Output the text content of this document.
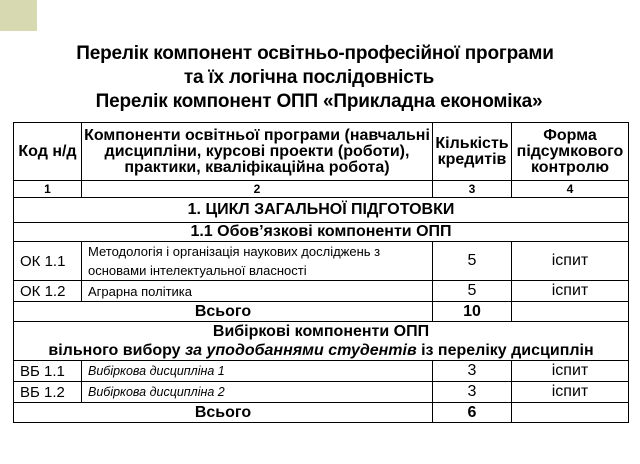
Перелік компонент освітньо-професійної програми
та їх логічна послідовність
Перелік компонент ОПП «Прикладна економіка»
Код н/д	Компоненти освітньої програми (навчальні дисципліни, курсові проекти (роботи), практики, кваліфікаційна робота)	Кількість кредитів	Форма підсумкового контролю
1	2	3	4
1. ЦИКЛ ЗАГАЛЬНОЇ ПІДГОТОВКИ			
1.1 Обов’язкові компоненти ОПП			
ОК 1.1	Методологія і організація наукових досліджень з основами інтелектуальної власності	5	іспит
ОК 1.2	Аграрна політика	5	іспит
Всього		10	

Вибіркові компоненти ОПП
вільного вибору за уподобаннями студентів із переліку дисциплін			

ВБ 1.1	Вибіркова дисципліна 1	3	іспит
ВБ 1.2	Вибіркова дисципліна 2	3	іспит
Всього		6	
